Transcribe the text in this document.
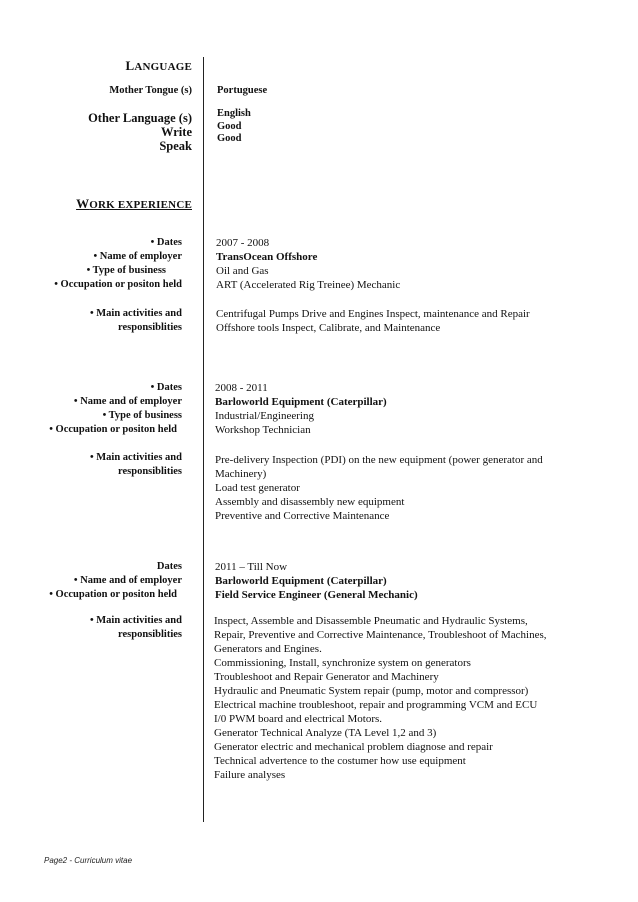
LANGUAGE
Mother Tongue (s) Portuguese
Other Language (s)
Write
Speak
English
Good
Good
WORK EXPERIENCE
• Dates
• Name of employer
• Type of business
• Occupation or positon held
2007 - 2008
TransOcean Offshore
Oil and Gas
ART (Accelerated Rig Treinee) Mechanic
• Main activities and
responsiblities
Centrifugal Pumps Drive and Engines Inspect, maintenance and Repair
Offshore tools Inspect, Calibrate, and Maintenance
• Dates
• Name and of employer
• Type of business
• Occupation or positon held
2008 - 2011
Barloworld Equipment (Caterpillar)
Industrial/Engineering
Workshop Technician
• Main activities and
responsiblities
Pre-delivery Inspection (PDI) on the new equipment (power generator and
Machinery)
Load test generator
Assembly and disassembly new equipment
Preventive and Corrective Maintenance
Dates
• Name and of employer
• Occupation or positon held
2011 – Till Now
Barloworld Equipment (Caterpillar)
Field Service Engineer (General Mechanic)
• Main activities and
responsiblities
Inspect, Assemble and Disassemble Pneumatic and Hydraulic Systems,
Repair, Preventive and Corrective Maintenance, Troubleshoot of Machines,
Generators and Engines.
Commissioning, Install, synchronize system on generators
Troubleshoot and Repair Generator and Machinery
Hydraulic and Pneumatic System repair (pump, motor and compressor)
Electrical machine troubleshoot, repair and programming VCM and ECU
I/0 PWM board and electrical Motors.
Generator Technical Analyze (TA Level 1,2 and 3)
Generator electric and mechanical problem diagnose and repair
Technical advertence to the costumer how use equipment
Failure analyses
Page2 - Curriculum vitae
